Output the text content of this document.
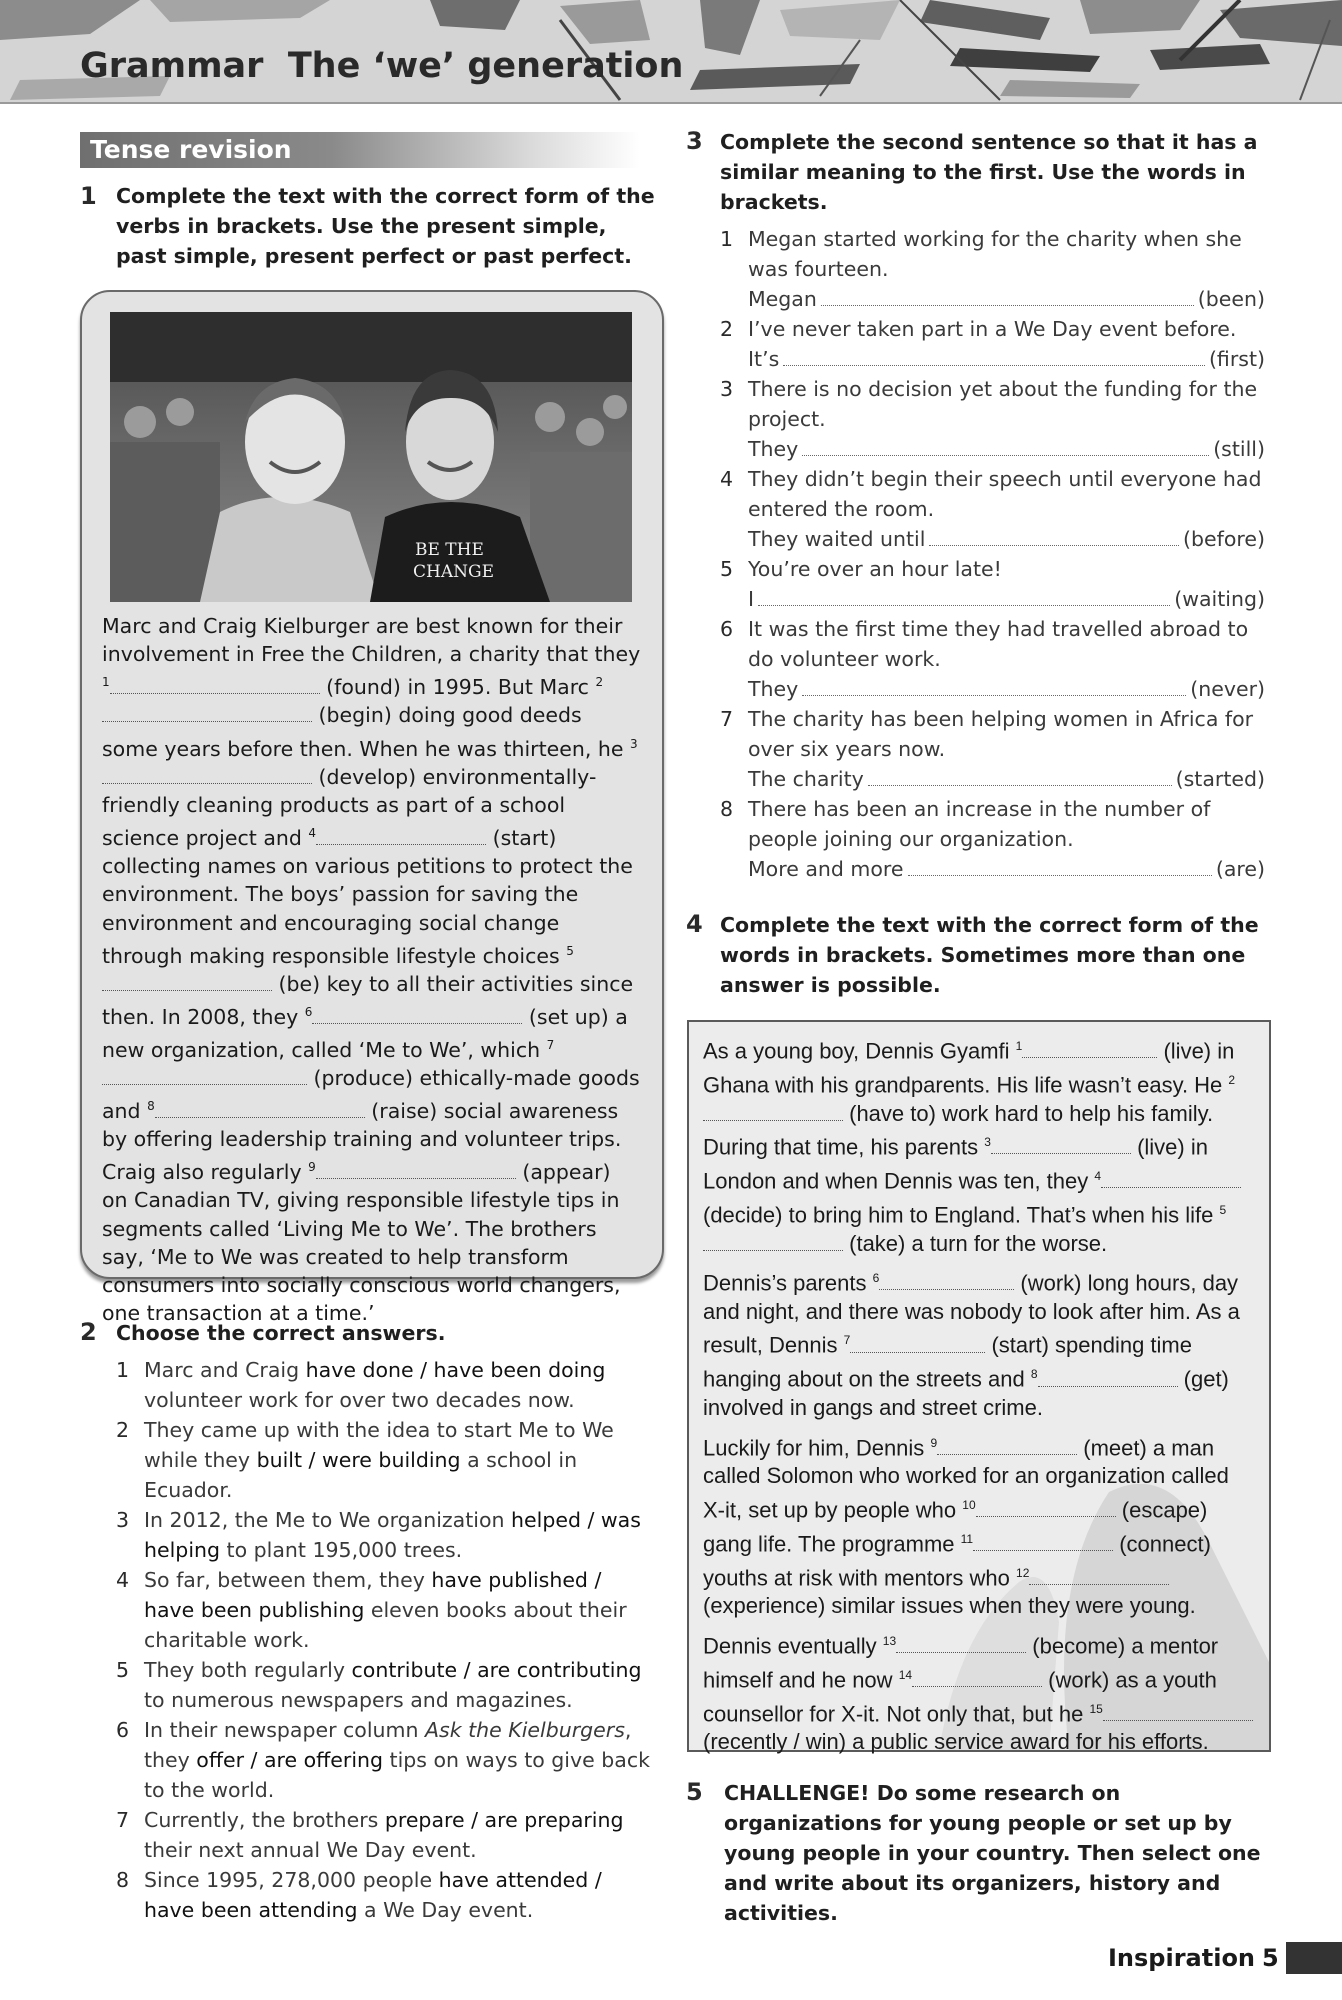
Grammar The ‘we’ generation
Tense revision
1 Complete the text with the correct form of the verbs in brackets. Use the present simple, past simple, present perfect or past perfect.
BE THE
CHANGE
Marc and Craig Kielburger are best known for their involvement in Free the Children, a charity that they $^1$	(found) in 1995. But Marc $^2$ (begin) doing good deeds some years before then. When he was thirteen, he $^3$ (develop) environmentally-friendly cleaning products as part of a school science project and $^4$	(start) collecting names on various petitions to protect the environment. The boys’ passion for saving the environment and encouraging social change through making responsible lifestyle choices $^5$ (be) key to all their activities since then. In 2008, they $^6$	(set up) a new organization, called ‘Me to We’, which $^7$ (produce) ethically-made goods and $^8$	(raise) social awareness by offering leadership training and volunteer trips. Craig also regularly $^9$	(appear) on Canadian TV, giving responsible lifestyle tips in segments called ‘Living Me to We’. The brothers say, ‘Me to We was created to help transform consumers into socially conscious world changers, one transaction at a time.’
2 Choose the correct answers.
1 Marc and Craig have done / have been doing volunteer work for over two decades now.
2 They came up with the idea to start Me to We while they built / were building a school in Ecuador.
3 In 2012, the Me to We organization helped / was helping to plant 195,000 trees.
4 So far, between them, they have published / have been publishing eleven books about their charitable work.
5 They both regularly contribute / are contributing to numerous newspapers and magazines.
6 In their newspaper column Ask the Kielburgers, they offer / are offering tips on ways to give back to the world.
7 Currently, the brothers prepare / are preparing their next annual We Day event.
8 Since 1995, 278,000 people have attended / have been attending a We Day event.
3 Complete the second sentence so that it has a similar meaning to the first. Use the words in brackets.
1 Megan started working for the charity when she was fourteen.
Megan	(been)
2 I’ve never taken part in a We Day event before.
It’s	(first)
3 There is no decision yet about the funding for the project.
They	(still)
4 They didn’t begin their speech until everyone had entered the room.
They waited until	(before)
5 You’re over an hour late!
I	(waiting)
6 It was the first time they had travelled abroad to do volunteer work.
They	(never)
7 The charity has been helping women in Africa for over six years now.
The charity	(started)
8 There has been an increase in the number of people joining our organization.
More and more	(are)
4 Complete the text with the correct form of the words in brackets. Sometimes more than one answer is possible.

As a young boy, Dennis Gyamfi $^1$	(live) in Ghana with his grandparents. His life wasn’t easy. He $^2$ (have to) work hard to help his family. During that time, his parents $^3$	(live) in London and when Dennis was ten, they $^4$ (decide) to bring him to England. That’s when his life $^5$ (take) a turn for the worse.

Dennis’s parents $^6$	(work) long hours, day and night, and there was nobody to look after him. As a result, Dennis $^7$	(start) spending time hanging about on the streets and $^8$	(get) involved in gangs and street crime.

Luckily for him, Dennis $^9$	(meet) a man called Solomon who worked for an organization called X-it, set up by people who $^{10}$	(escape) gang life. The programme $^{11}$	(connect) youths at risk with mentors who $^{12}$ (experience) similar issues when they were young.

Dennis eventually $^{13}$	(become) a mentor himself and he now $^{14}$	(work) as a youth counsellor for X-it. Not only that, but he $^{15}$ (recently / win) a public service award for his efforts.

5 CHALLENGE! Do some research on organizations for young people or set up by young people in your country. Then select one and write about its organizers, history and activities.
Inspiration 5
